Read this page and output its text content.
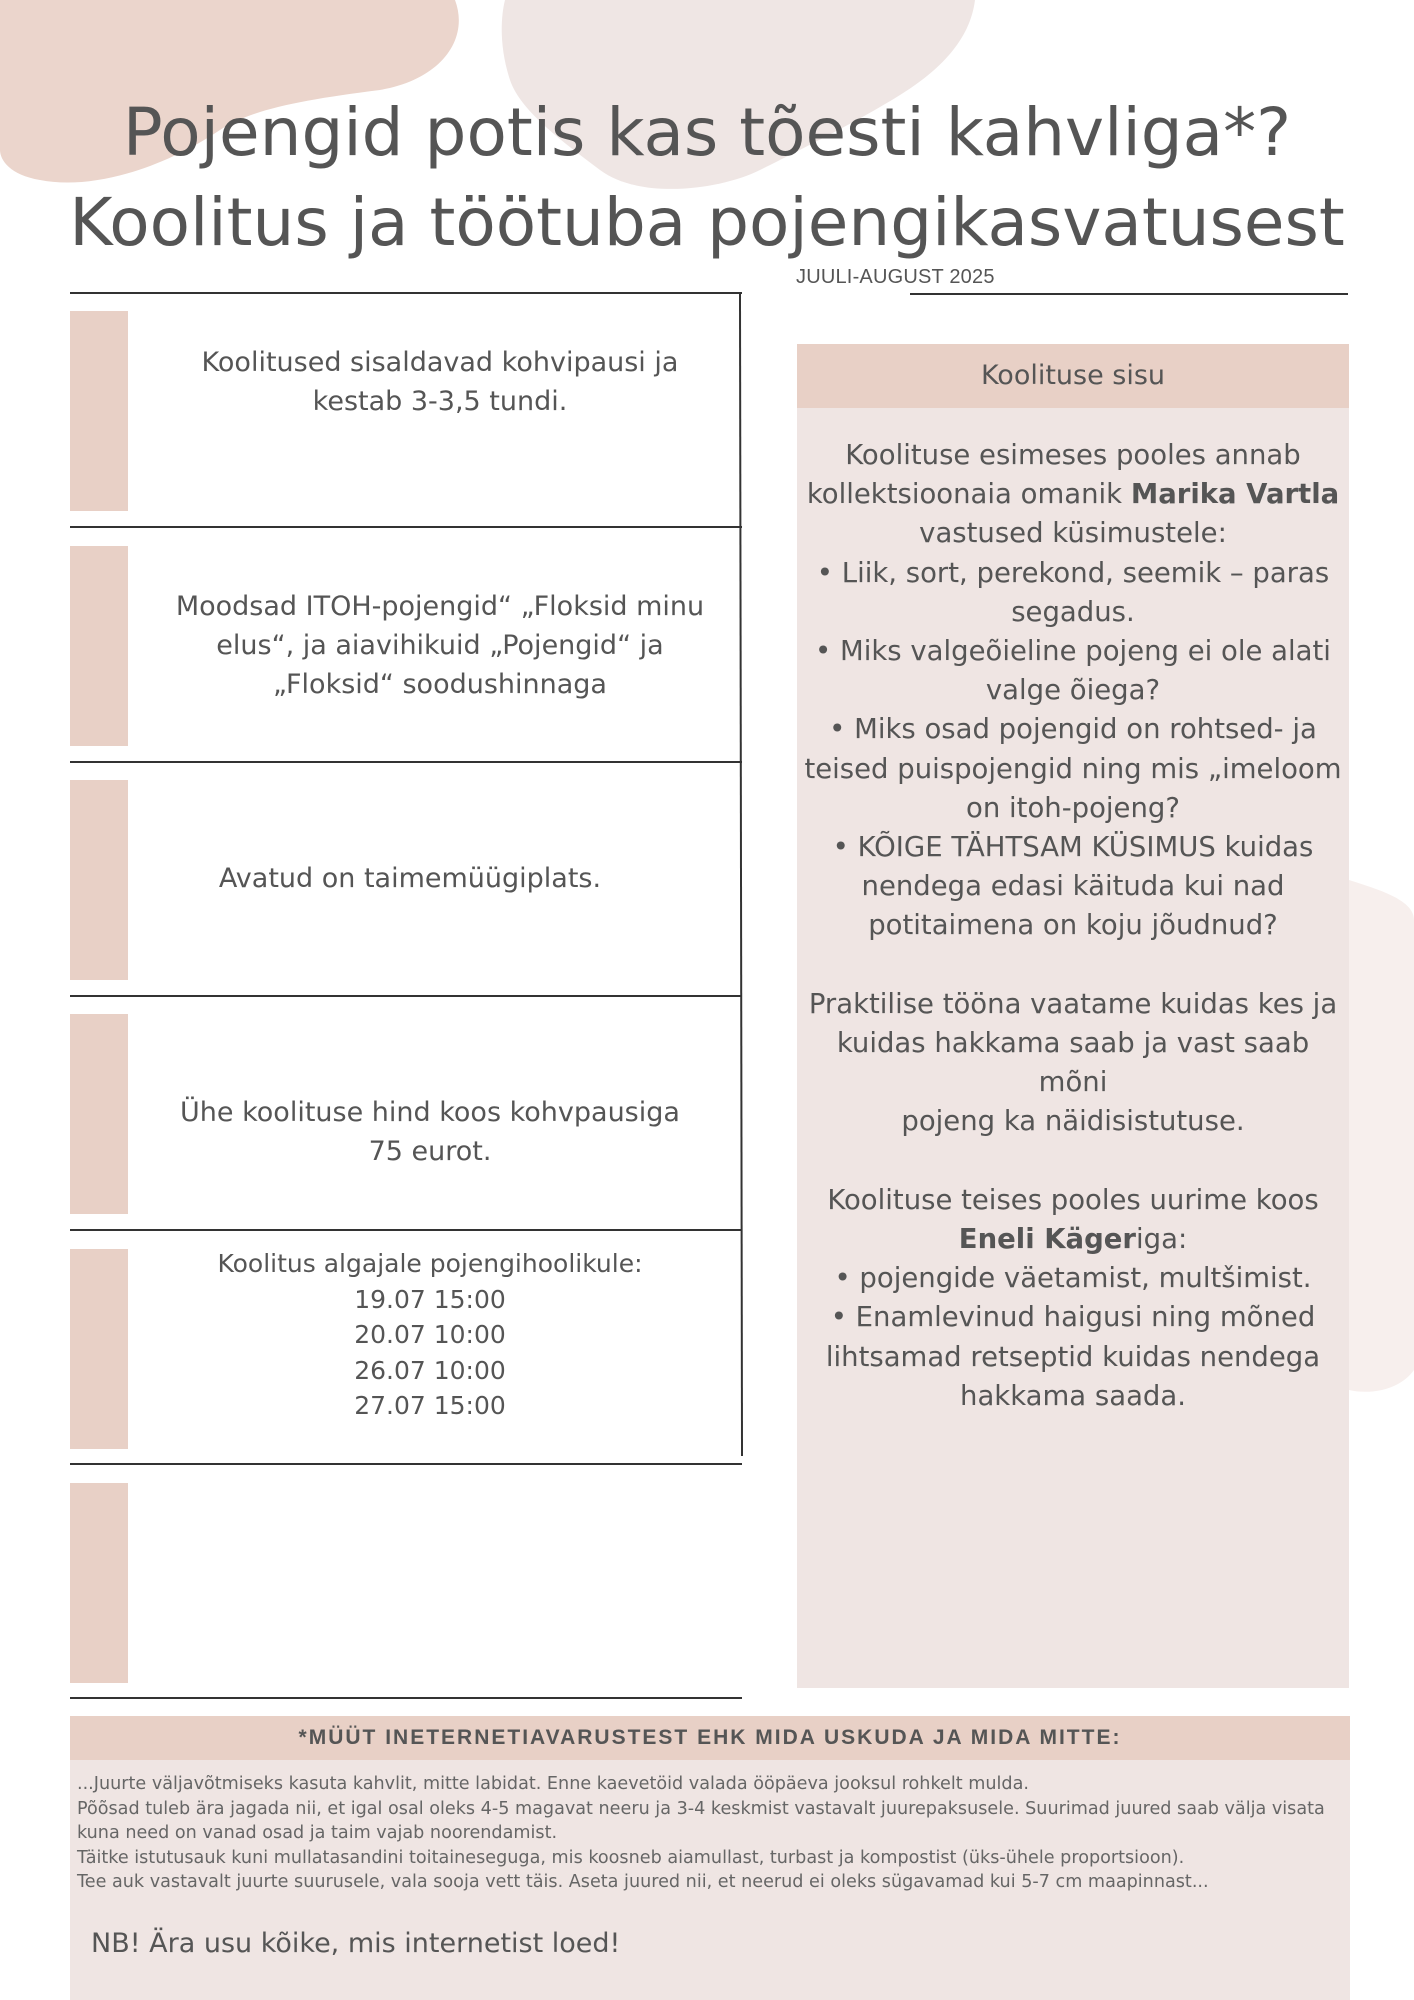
Pojengid potis kas tõesti kahvliga*?
Koolitus ja töötuba pojengikasvatusest
JUULI-AUGUST 2025
Koolitused sisaldavad kohvipausi ja
kestab 3-3,5 tundi.
Moodsad ITOH-pojengid“ „Floksid minu
elus“, ja aiavihikuid „Pojengid“ ja
„Floksid“ soodushinnaga
Avatud on taimemüügiplats.
Ühe koolituse hind koos kohvpausiga
75 eurot.
Koolitus algajale pojengihoolikule:
19.07 15:00
20.07 10:00
26.07 10:00
27.07 15:00
Koolituse sisu

Koolituse esimeses pooles annab

kollektsioonaia omanik Marika Vartla

vastused küsimustele:

• Liik, sort, perekond, seemik – paras

segadus.

• Miks valgeõieline pojeng ei ole alati

valge õiega?

• Miks osad pojengid on rohtsed- ja

teised puispojengid ning mis „imeloom

on itoh-pojeng?

• KÕIGE TÄHTSAM KÜSIMUS kuidas

nendega edasi käituda kui nad

potitaimena on koju jõudnud?

Praktilise tööna vaatame kuidas kes ja

kuidas hakkama saab ja vast saab mõni

pojeng ka näidisistutuse.

Koolituse teises pooles uurime koos

Eneli Kägeriga:

• pojengide väetamist, multšimist.

• Enamlevinud haigusi ning mõned

lihtsamad retseptid kuidas nendega

hakkama saada.

*MÜÜT INETERNETIAVARUSTEST EHK MIDA USKUDA JA MIDA MITTE:
...Juurte väljavõtmiseks kasuta kahvlit, mitte labidat. Enne kaevetöid valada ööpäeva jooksul rohkelt mulda.
Põõsad tuleb ära jagada nii, et igal osal oleks 4-5 magavat neeru ja 3-4 keskmist vastavalt juurepaksusele. Suurimad juured saab välja visata
kuna need on vanad osad ja taim vajab noorendamist.
Täitke istutusauk kuni mullatasandini toitaineseguga, mis koosneb aiamullast, turbast ja kompostist (üks-ühele proportsioon).
Tee auk vastavalt juurte suurusele, vala sooja vett täis. Aseta juured nii, et neerud ei oleks sügavamad kui 5-7 cm maapinnast...
NB! Ära usu kõike, mis internetist loed!
